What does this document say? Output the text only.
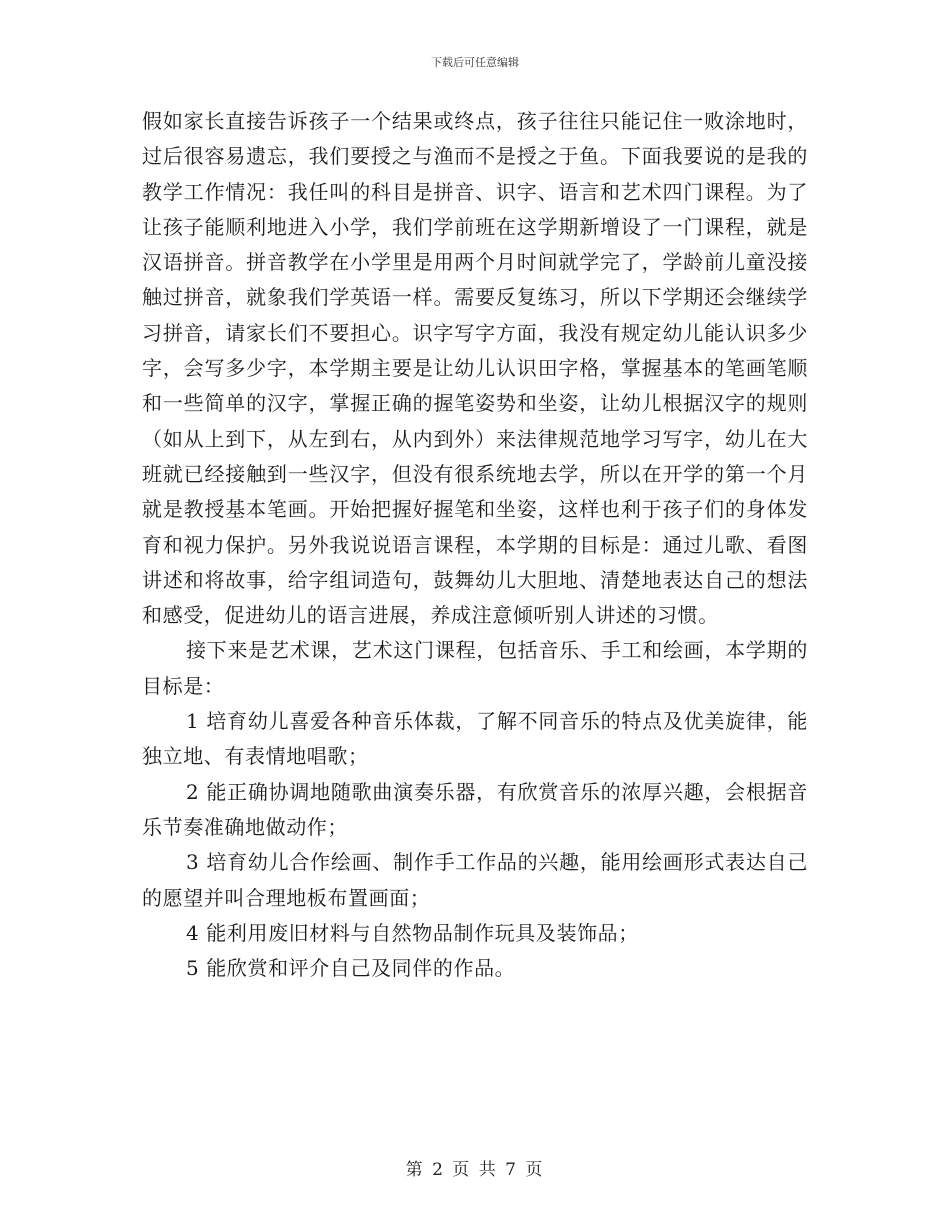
下载后可任意编辑

假如家长直接告诉孩子一个结果或终点，孩子往往只能记住一败涂地时，过后很容易遗忘，我们要授之与渔而不是授之于鱼。下面我要说的是我的教学工作情况：我任叫的科目是拼音、识字、语言和艺术四门课程。为了让孩子能顺利地进入小学，我们学前班在这学期新增设了一门课程，就是汉语拼音。拼音教学在小学里是用两个月时间就学完了，学龄前儿童没接触过拼音，就象我们学英语一样。需要反复练习，所以下学期还会继续学习拼音，请家长们不要担心。识字写字方面，我没有规定幼儿能认识多少字，会写多少字，本学期主要是让幼儿认识田字格，掌握基本的笔画笔顺和一些简单的汉字，掌握正确的握笔姿势和坐姿，让幼儿根据汉字的规则（如从上到下，从左到右，从内到外）来法律规范地学习写字，幼儿在大班就已经接触到一些汉字，但没有很系统地去学，所以在开学的第一个月就是教授基本笔画。开始把握好握笔和坐姿，这样也利于孩子们的身体发育和视力保护。另外我说说语言课程，本学期的目标是：通过儿歌、看图讲述和将故事，给字组词造句，鼓舞幼儿大胆地、清楚地表达自己的想法和感受，促进幼儿的语言进展，养成注意倾听别人讲述的习惯。

接下来是艺术课，艺术这门课程，包括音乐、手工和绘画，本学期的目标是：

1 培育幼儿喜爱各种音乐体裁，了解不同音乐的特点及优美旋律，能独立地、有表情地唱歌；

2 能正确协调地随歌曲演奏乐器，有欣赏音乐的浓厚兴趣，会根据音乐节奏准确地做动作；

3 培育幼儿合作绘画、制作手工作品的兴趣，能用绘画形式表达自己的愿望并叫合理地板布置画面；

4 能利用废旧材料与自然物品制作玩具及装饰品；

5 能欣赏和评介自己及同伴的作品。

第 2 页 共 7 页
